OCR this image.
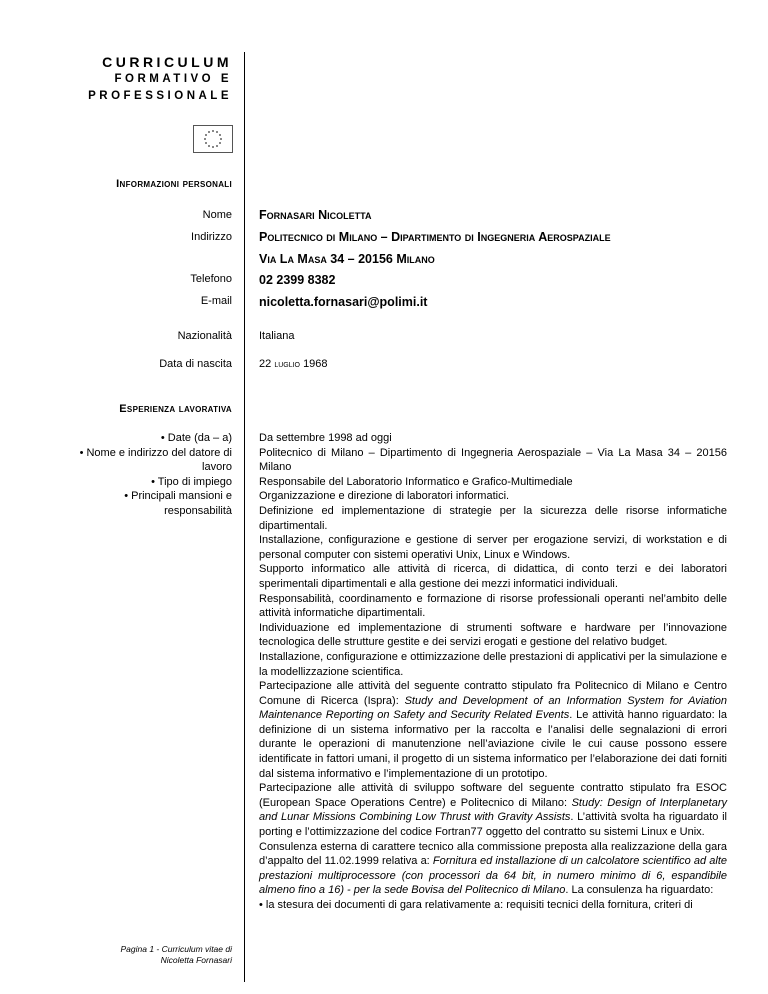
CURRICULUM
FORMATIVO E
PROFESSIONALE
Informazioni personali
Nome Fornasari Nicoletta
Indirizzo Politecnico di Milano – Dipartimento di Ingegneria Aerospaziale
Via La Masa 34 – 20156 Milano
Telefono 02 2399 8382
E-mail nicoletta.fornasari@polimi.it
Nazionalità Italiana
Data di nascita 22 luglio 1968
Esperienza lavorativa
• Date (da – a)
• Nome e indirizzo del datore di lavoro
• Tipo di impiego
• Principali mansioni e responsabilità

Da settembre 1998 ad oggi

Politecnico di Milano – Dipartimento di Ingegneria Aerospaziale – Via La Masa 34 – 20156 Milano

Responsabile del Laboratorio Informatico e Grafico-Multimediale

Organizzazione e direzione di laboratori informatici.

Definizione ed implementazione di strategie per la sicurezza delle risorse informatiche dipartimentali.

Installazione, configurazione e gestione di server per erogazione servizi, di workstation e di personal computer con sistemi operativi Unix, Linux e Windows.

Supporto informatico alle attività di ricerca, di didattica, di conto terzi e dei laboratori sperimentali dipartimentali e alla gestione dei mezzi informatici individuali.

Responsabilità, coordinamento e formazione di risorse professionali operanti nel’ambito delle attività informatiche dipartimentali.

Individuazione ed implementazione di strumenti software e hardware per l’innovazione tecnologica delle strutture gestite e dei servizi erogati e gestione del relativo budget.

Installazione, configurazione e ottimizzazione delle prestazioni di applicativi per la simulazione e la modellizzazione scientifica.

Partecipazione alle attività del seguente contratto stipulato fra Politecnico di Milano e Centro Comune di Ricerca (Ispra): Study and Development of an Information System for Aviation Maintenance Reporting on Safety and Security Related Events. Le attività hanno riguardato: la definizione di un sistema informativo per la raccolta e l’analisi delle segnalazioni di errori durante le operazioni di manutenzione nell’aviazione civile le cui cause possono essere identificate in fattori umani, il progetto di un sistema informatico per l’elaborazione dei dati forniti dal sistema informativo e l’implementazione di un prototipo.

Partecipazione alle attività di sviluppo software del seguente contratto stipulato fra ESOC (European Space Operations Centre) e Politecnico di Milano: Study: Design of Interplanetary and Lunar Missions Combining Low Thrust with Gravity Assists. L’attività svolta ha riguardato il porting e l’ottimizzazione del codice Fortran77 oggetto del contratto su sistemi Linux e Unix.

Consulenza esterna di carattere tecnico alla commissione preposta alla realizzazione della gara d’appalto del 11.02.1999 relativa a: Fornitura ed installazione di un calcolatore scientifico ad alte prestazioni multiprocessore (con processori da 64 bit, in numero minimo di 6, espandibile almeno fino a 16) - per la sede Bovisa del Politecnico di Milano. La consulenza ha riguardato:

• la stesura dei documenti di gara relativamente a: requisiti tecnici della fornitura, criteri di

Pagina 1 - Curriculum vitae di
Nicoletta Fornasari
